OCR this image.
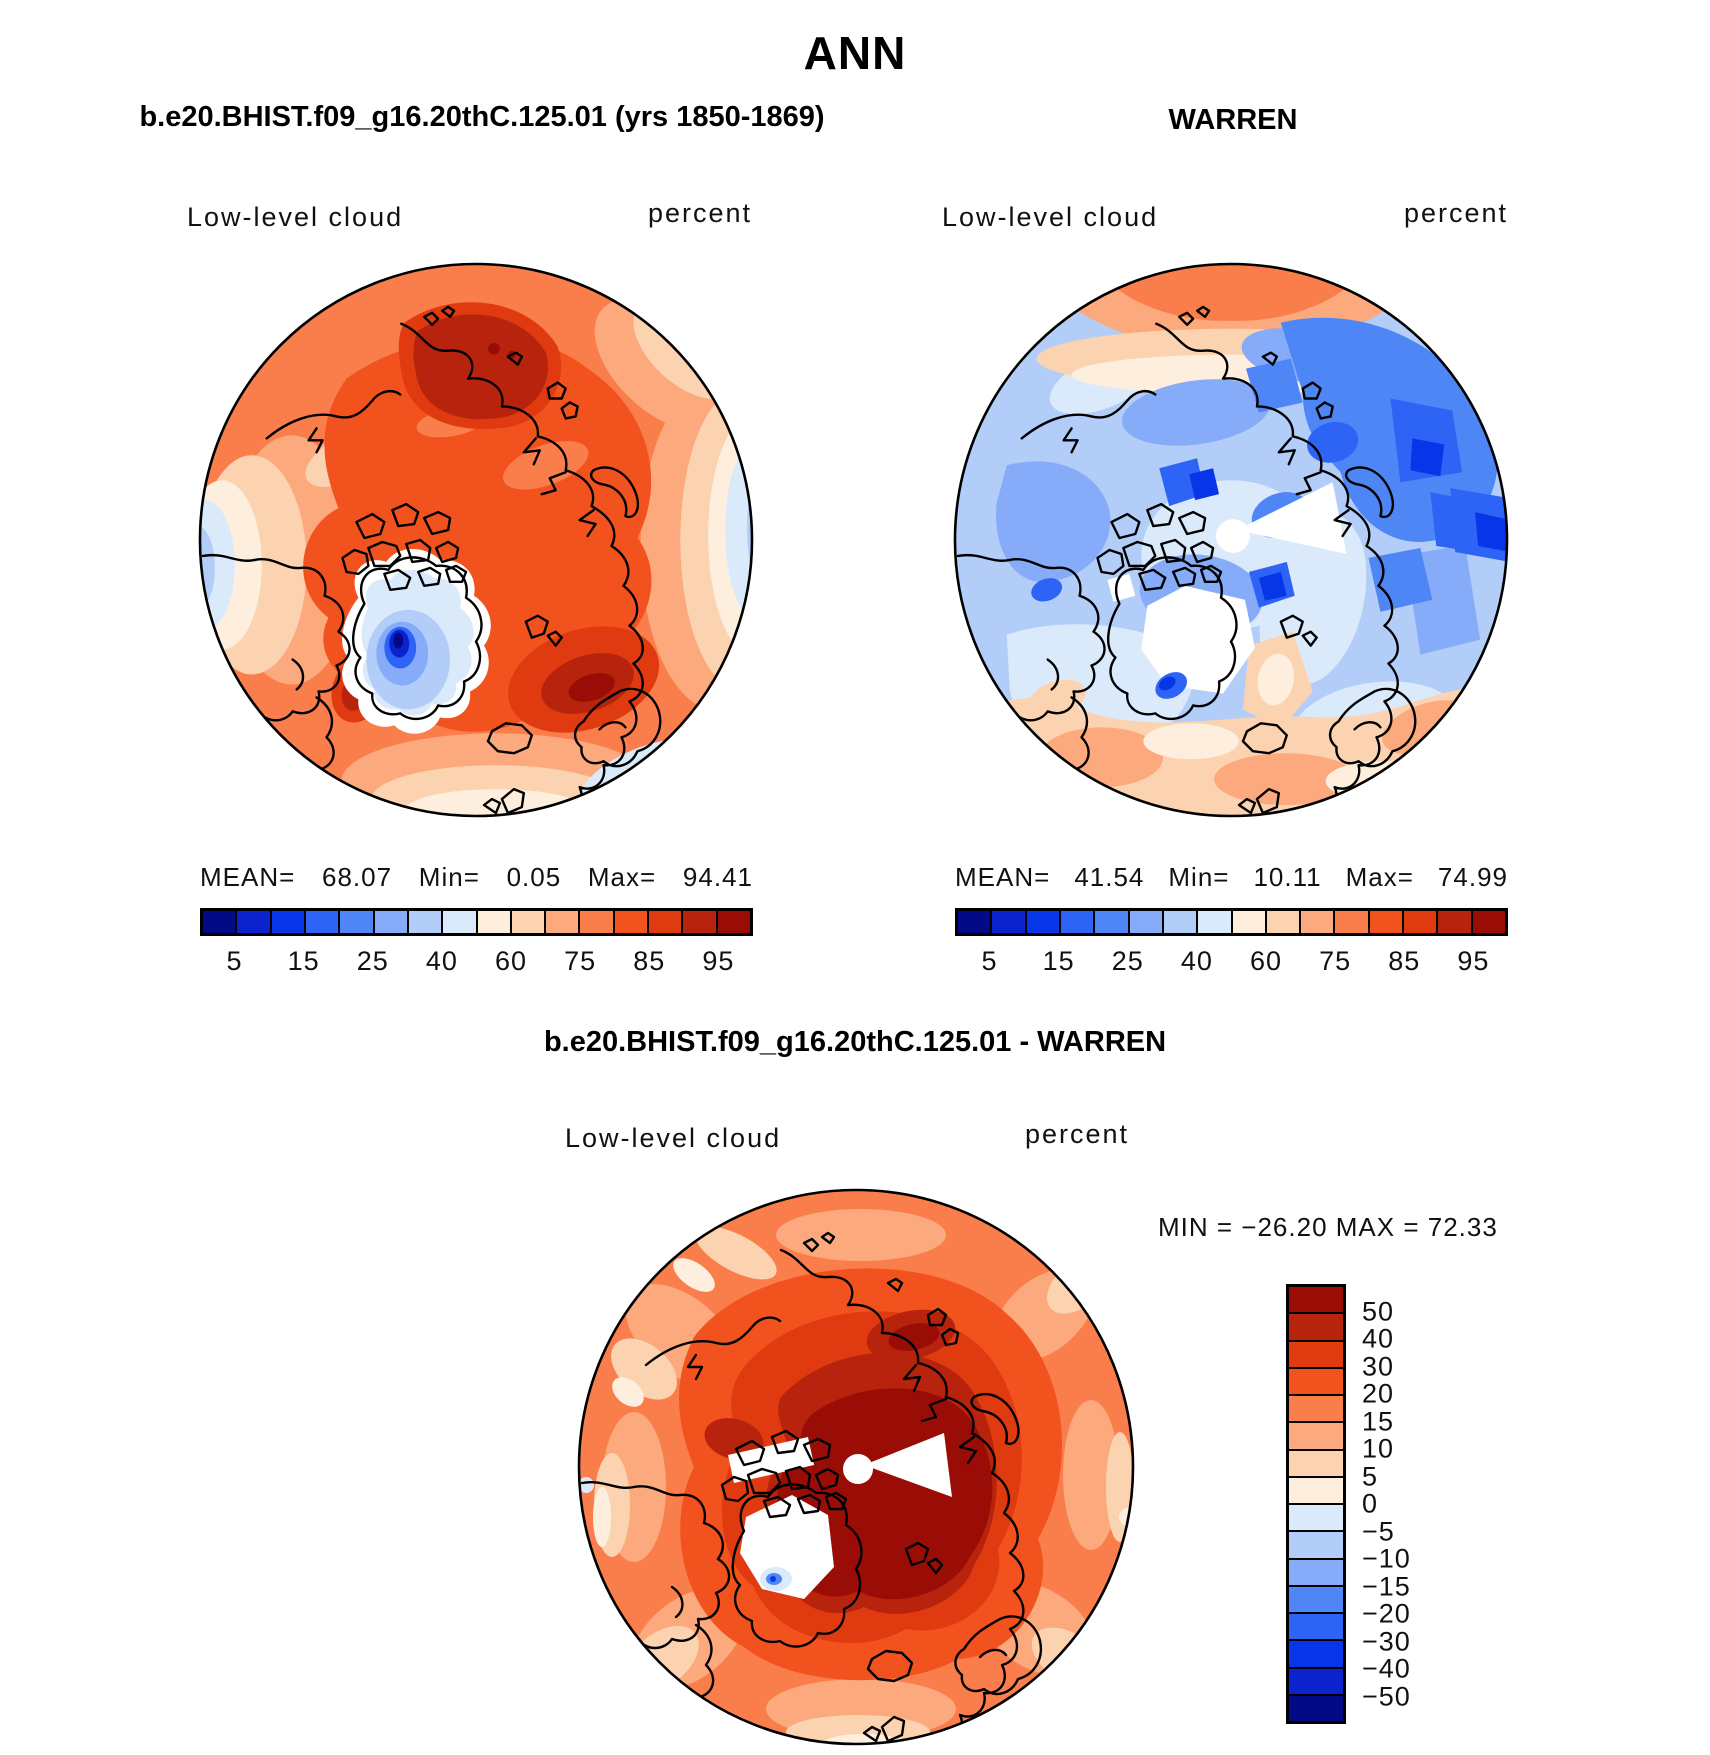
ANN
b.e20.BHIST.f09_g16.20thC.125.01 (yrs 1850-1869)	WARREN
Low-level cloud	percent	Low-level cloud	percent
MEAN= 68.07 Min= 0.05 Max= 94.41	MEAN= 41.54 Min= 10.11 Max= 74.99
5 15 25 40 60 75 85 95	5 15 25 40 60 75 85 95
b.e20.BHIST.f09_g16.20thC.125.01 - WARREN
Low-level cloud	percent
MIN = −26.20 MAX = 72.33
50
40
30
20
15
10
5
0
−5
−10
−15
−20
−30
−40
−50
